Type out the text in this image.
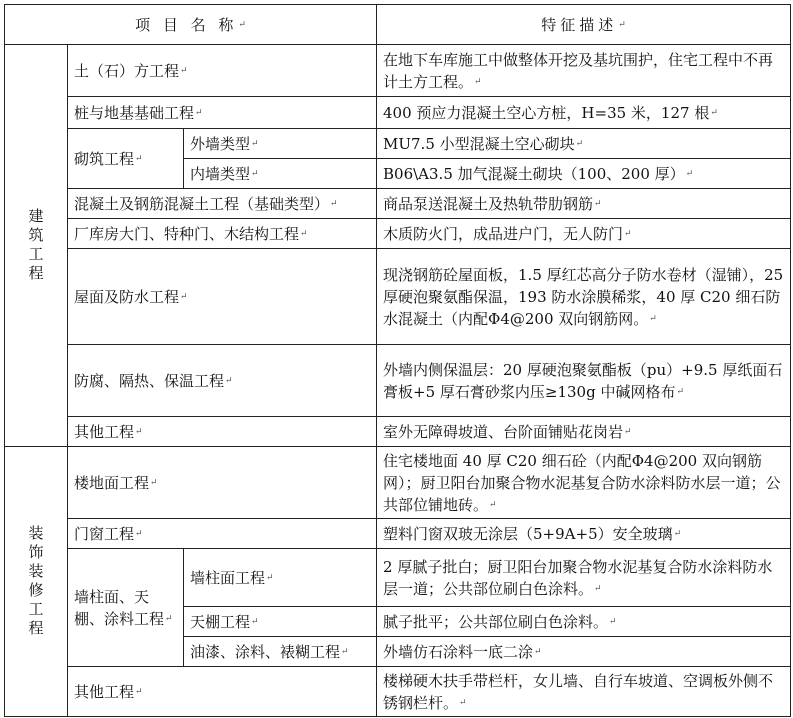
项 目 名 称 ↵			特征描述 ↵
建筑工程	土（石）方工程 ↵		在地下车库施工中做整体开挖及基坑围护，住宅工程中不再计土方工程。 ↵
	桩与地基基础工程 ↵		400 预应力混凝土空心方桩，H=35 米，127 根 ↵
	砌筑工程 ↵	外墙类型 ↵	MU7.5 小型混凝土空心砌块 ↵
		内墙类型 ↵	B06\A3.5 加气混凝土砌块（100、200 厚） ↵
	混凝土及钢筋混凝土工程（基础类型） ↵		商品泵送混凝土及热轨带肋钢筋 ↵
	厂库房大门、特种门、木结构工程 ↵		木质防火门，成品进户门，无人防门 ↵
	屋面及防水工程 ↵		现浇钢筋砼屋面板，1.5 厚红芯高分子防水卷材（湿铺），25 厚硬泡聚氨酯保温，193 防水涂膜稀浆，40 厚 C20 细石防水混凝土（内配Φ4@200 双向钢筋网。 ↵
	防腐、隔热、保温工程 ↵		外墙内侧保温层：20 厚硬泡聚氨酯板（pu）+9.5 厚纸面石膏板+5 厚石膏砂浆内压≥130g 中碱网格布 ↵
	其他工程 ↵		室外无障碍坡道、台阶面铺贴花岗岩 ↵

装饰装修工程	楼地面工程 ↵		住宅楼地面 40 厚 C20 细石砼（内配Φ4@200 双向钢筋网）；厨卫阳台加聚合物水泥基复合防水涂料防水层一道；公共部位铺地砖。 ↵
	门窗工程 ↵		塑料门窗双玻无涂层（5+9A+5）安全玻璃 ↵
	墙柱面、天棚、涂料工程 ↵	墙柱面工程 ↵	2 厚腻子批白；厨卫阳台加聚合物水泥基复合防水涂料防水层一道；公共部位刷白色涂料。 ↵
		天棚工程 ↵	腻子批平；公共部位刷白色涂料。 ↵
		油漆、涂料、裱糊工程 ↵	外墙仿石涂料一底二涂 ↵
	其他工程 ↵		楼梯硬木扶手带栏杆，女儿墙、自行车坡道、空调板外侧不锈钢栏杆。 ↵
